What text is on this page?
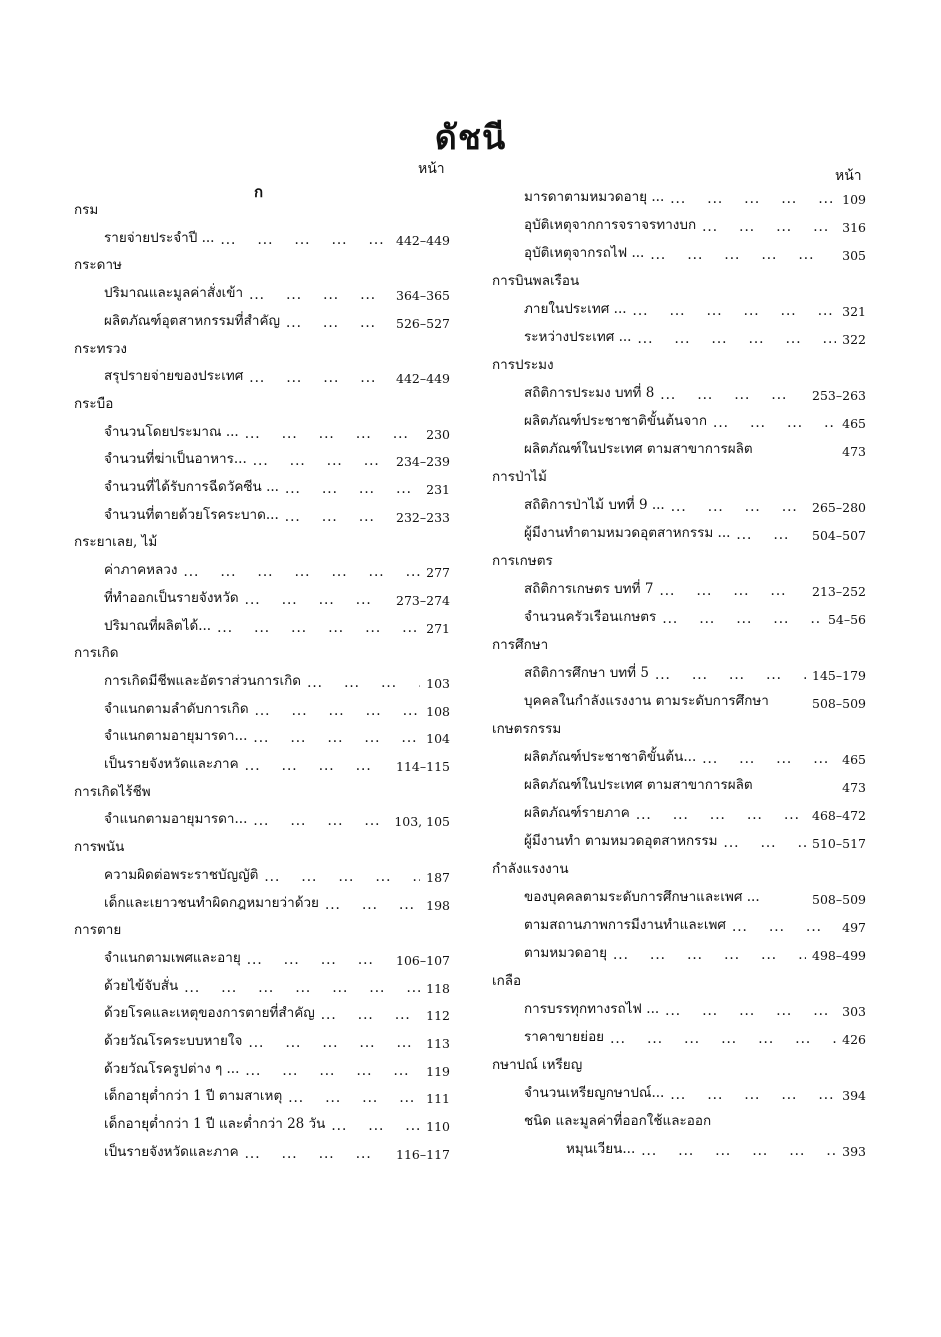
ดัชนี
หน้า	หน้า
ก
กรม
รายจ่ายประจำปี ... ...	442–449
กระดาษ
ปริมาณและมูลค่าสั่งเข้า ...	364–365
ผลิตภัณฑ์อุตสาหกรรมที่สำคัญ ...	526–527
กระทรวง
สรุปรายจ่ายของประเทศ ...	442–449
กระบือ
จำนวนโดยประมาณ ... ...	230
จำนวนที่ฆ่าเป็นอาหาร... ...	234–239
จำนวนที่ได้รับการฉีดวัคซีน ... ...	231
จำนวนที่ตายด้วยโรคระบาด... ...	232–233
กระยาเลย, ไม้
ค่าภาคหลวง ...	277
ที่ทำออกเป็นรายจังหวัด ...	273–274
ปริมาณที่ผลิตได้... ...	271
การเกิด
การเกิดมีชีพและอัตราส่วนการเกิด ...	103
จำแนกตามลำดับการเกิด ...	108
จำแนกตามอายุมารดา... ...	104
เป็นรายจังหวัดและภาค ...	114–115
การเกิดไร้ชีพ
จำแนกตามอายุมารดา... ...	103, 105
การพนัน
ความผิดต่อพระราชบัญญัติ ...	187
เด็กและเยาวชนทำผิดกฎหมายว่าด้วย ...	198
การตาย
จำแนกตามเพศและอายุ ...	106–107
ด้วยไข้จับสั่น ...	118
ด้วยโรคและเหตุของการตายที่สำคัญ ...	112
ด้วยวัณโรคระบบหายใจ ...	113
ด้วยวัณโรครูปต่าง ๆ ... ...	119
เด็กอายุต่ำกว่า 1 ปี ตามสาเหตุ ...	111
เด็กอายุต่ำกว่า 1 ปี และต่ำกว่า 28 วัน ...	110
เป็นรายจังหวัดและภาค ...	116–117
มารดาตามหมวดอายุ ... ...	109
อุบัติเหตุจากการจราจรทางบก ...	316
อุบัติเหตุจากรถไฟ ... ...	305
การบินพลเรือน
ภายในประเทศ ... ...	321
ระหว่างประเทศ ... ...	322
การประมง
สถิติการประมง บทที่ 8 ...	253–263
ผลิตภัณฑ์ประชาชาติขั้นต้นจาก ...	465
ผลิตภัณฑ์ในประเทศ ตามสาขาการผลิต	473
การป่าไม้
สถิติการป่าไม้ บทที่ 9 ... ...	265–280
ผู้มีงานทำตามหมวดอุตสาหกรรม ... ...	504–507
การเกษตร
สถิติการเกษตร บทที่ 7 ...	213–252
จำนวนครัวเรือนเกษตร ...	54–56
การศึกษา
สถิติการศึกษา บทที่ 5 ...	145–179
บุคคลในกำลังแรงงาน ตามระดับการศึกษา	508–509
เกษตรกรรม
ผลิตภัณฑ์ประชาชาติขั้นต้น... ...	465
ผลิตภัณฑ์ในประเทศ ตามสาขาการผลิต	473
ผลิตภัณฑ์รายภาค ...	468–472
ผู้มีงานทำ ตามหมวดอุตสาหกรรม ...	510–517
กำลังแรงงาน
ของบุคคลตามระดับการศึกษาและเพศ ...	508–509
ตามสถานภาพการมีงานทำและเพศ ...	497
ตามหมวดอายุ ...	498–499
เกลือ
การบรรทุกทางรถไฟ ... ...	303
ราคาขายย่อย ...	426
กษาปณ์ เหรียญ
จำนวนเหรียญกษาปณ์... ...	394
ชนิด และมูลค่าที่ออกใช้และออก
หมุนเวียน... ...	393
